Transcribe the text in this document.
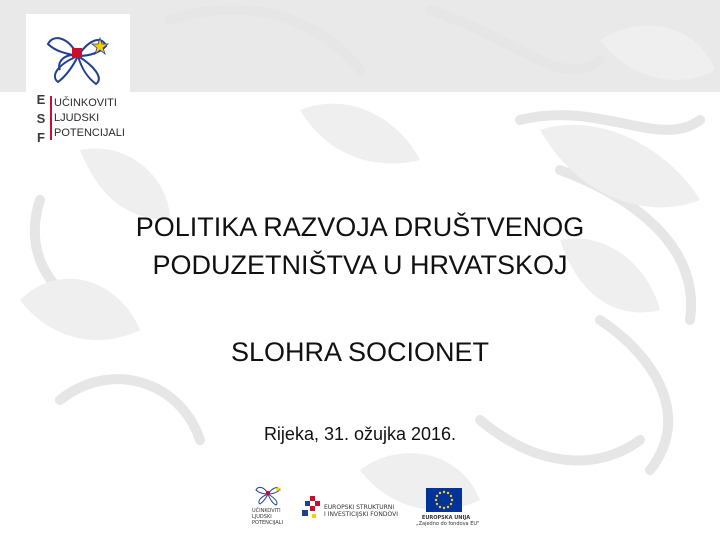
E
S
F
UČINKOVITI
LJUDSKI
POTENCIJALI
POLITIKA RAZVOJA DRUŠTVENOG
PODUZETNIŠTVA U HRVATSKOJ
SLOHRA SOCIONET
Rijeka, 31. ožujka 2016.
UČINKOVITI
LJUDSKI
POTENCIJALI
EUROPSKI STRUKTURNI
I INVESTICIJSKI FONDOVI	EUROPSKA UNIJA
„Zajedno do fondova EU"
